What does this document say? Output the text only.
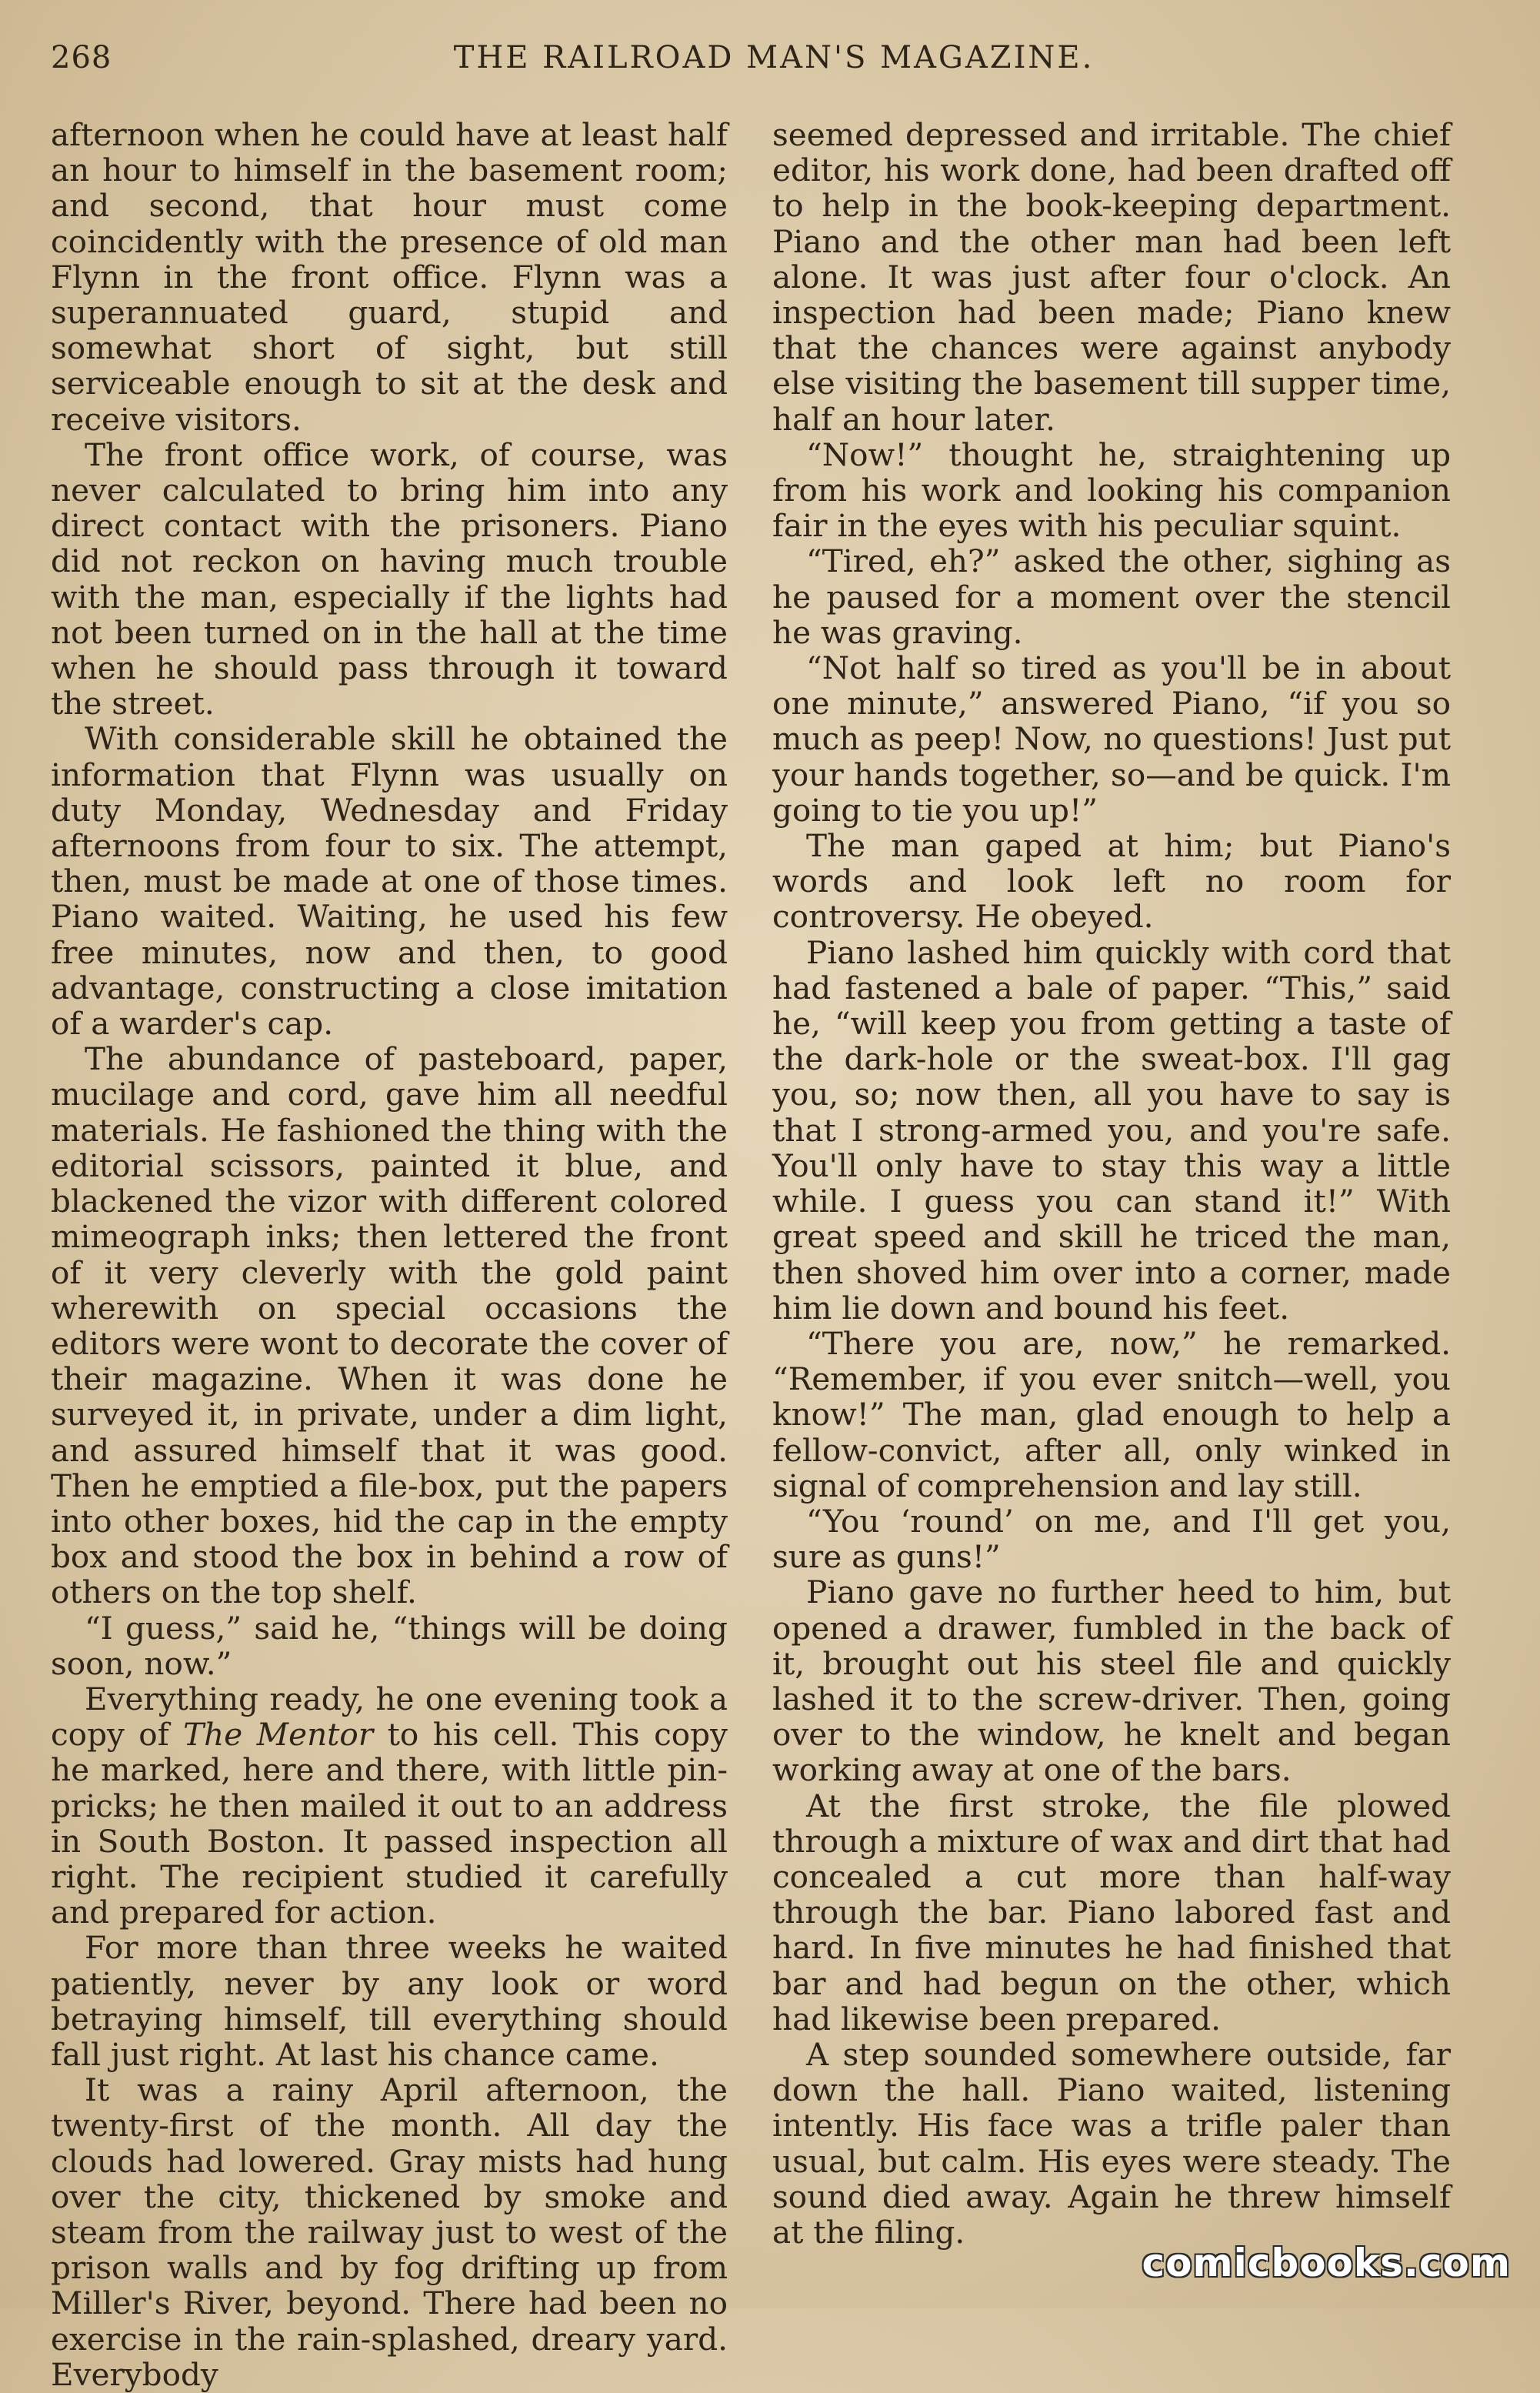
268	THE RAILROAD MAN'S MAGAZINE.

afternoon when he could have at least half an hour to himself in the basement room; and second, that hour must come coincidently with the presence of old man Flynn in the front office. Flynn was a superannuated guard, stupid and somewhat short of sight, but still serviceable enough to sit at the desk and receive visitors.

The front office work, of course, was never calculated to bring him into any direct contact with the prisoners. Piano did not reckon on having much trouble with the man, especially if the lights had not been turned on in the hall at the time when he should pass through it toward the street.

With considerable skill he obtained the information that Flynn was usually on duty Monday, Wednesday and Friday afternoons from four to six. The attempt, then, must be made at one of those times. Piano waited. Waiting, he used his few free minutes, now and then, to good advantage, constructing a close imitation of a warder's cap.

The abundance of pasteboard, paper, mucilage and cord, gave him all needful materials. He fashioned the thing with the editorial scissors, painted it blue, and blackened the vizor with different colored mimeograph inks; then lettered the front of it very cleverly with the gold paint wherewith on special occasions the editors were wont to decorate the cover of their magazine. When it was done he surveyed it, in private, under a dim light, and assured himself that it was good. Then he emptied a file-box, put the papers into other boxes, hid the cap in the empty box and stood the box in behind a row of others on the top shelf.

“I guess,” said he, “things will be doing soon, now.”

Everything ready, he one evening took a copy of The Mentor to his cell. This copy he marked, here and there, with little pin-pricks; he then mailed it out to an address in South Boston. It passed inspection all right. The recipient studied it carefully and prepared for action.

For more than three weeks he waited patiently, never by any look or word betraying himself, till everything should fall just right. At last his chance came.

It was a rainy April afternoon, the twenty-first of the month. All day the clouds had lowered. Gray mists had hung over the city, thickened by smoke and steam from the railway just to west of the prison walls and by fog drifting up from Miller's River, beyond. There had been no exercise in the rain-splashed, dreary yard. Everybody

seemed depressed and irritable. The chief editor, his work done, had been drafted off to help in the book-keeping department. Piano and the other man had been left alone. It was just after four o'clock. An inspection had been made; Piano knew that the chances were against anybody else visiting the basement till supper time, half an hour later.

“Now!” thought he, straightening up from his work and looking his companion fair in the eyes with his peculiar squint.

“Tired, eh?” asked the other, sighing as he paused for a moment over the stencil he was graving.

“Not half so tired as you'll be in about one minute,” answered Piano, “if you so much as peep! Now, no questions! Just put your hands together, so—and be quick. I'm going to tie you up!”

The man gaped at him; but Piano's words and look left no room for controversy. He obeyed.

Piano lashed him quickly with cord that had fastened a bale of paper. “This,” said he, “will keep you from getting a taste of the dark-hole or the sweat-box. I'll gag you, so; now then, all you have to say is that I strong-armed you, and you're safe. You'll only have to stay this way a little while. I guess you can stand it!” With great speed and skill he triced the man, then shoved him over into a corner, made him lie down and bound his feet.

“There you are, now,” he remarked. “Remember, if you ever snitch—well, you know!” The man, glad enough to help a fellow-convict, after all, only winked in signal of comprehension and lay still.

“You ‘round’ on me, and I'll get you, sure as guns!”

Piano gave no further heed to him, but opened a drawer, fumbled in the back of it, brought out his steel file and quickly lashed it to the screw-driver. Then, going over to the window, he knelt and began working away at one of the bars.

At the first stroke, the file plowed through a mixture of wax and dirt that had concealed a cut more than half-way through the bar. Piano labored fast and hard. In five minutes he had finished that bar and had begun on the other, which had likewise been prepared.

A step sounded somewhere outside, far down the hall. Piano waited, listening intently. His face was a trifle paler than usual, but calm. His eyes were steady. The sound died away. Again he threw himself at the filing.

comicbooks.com
